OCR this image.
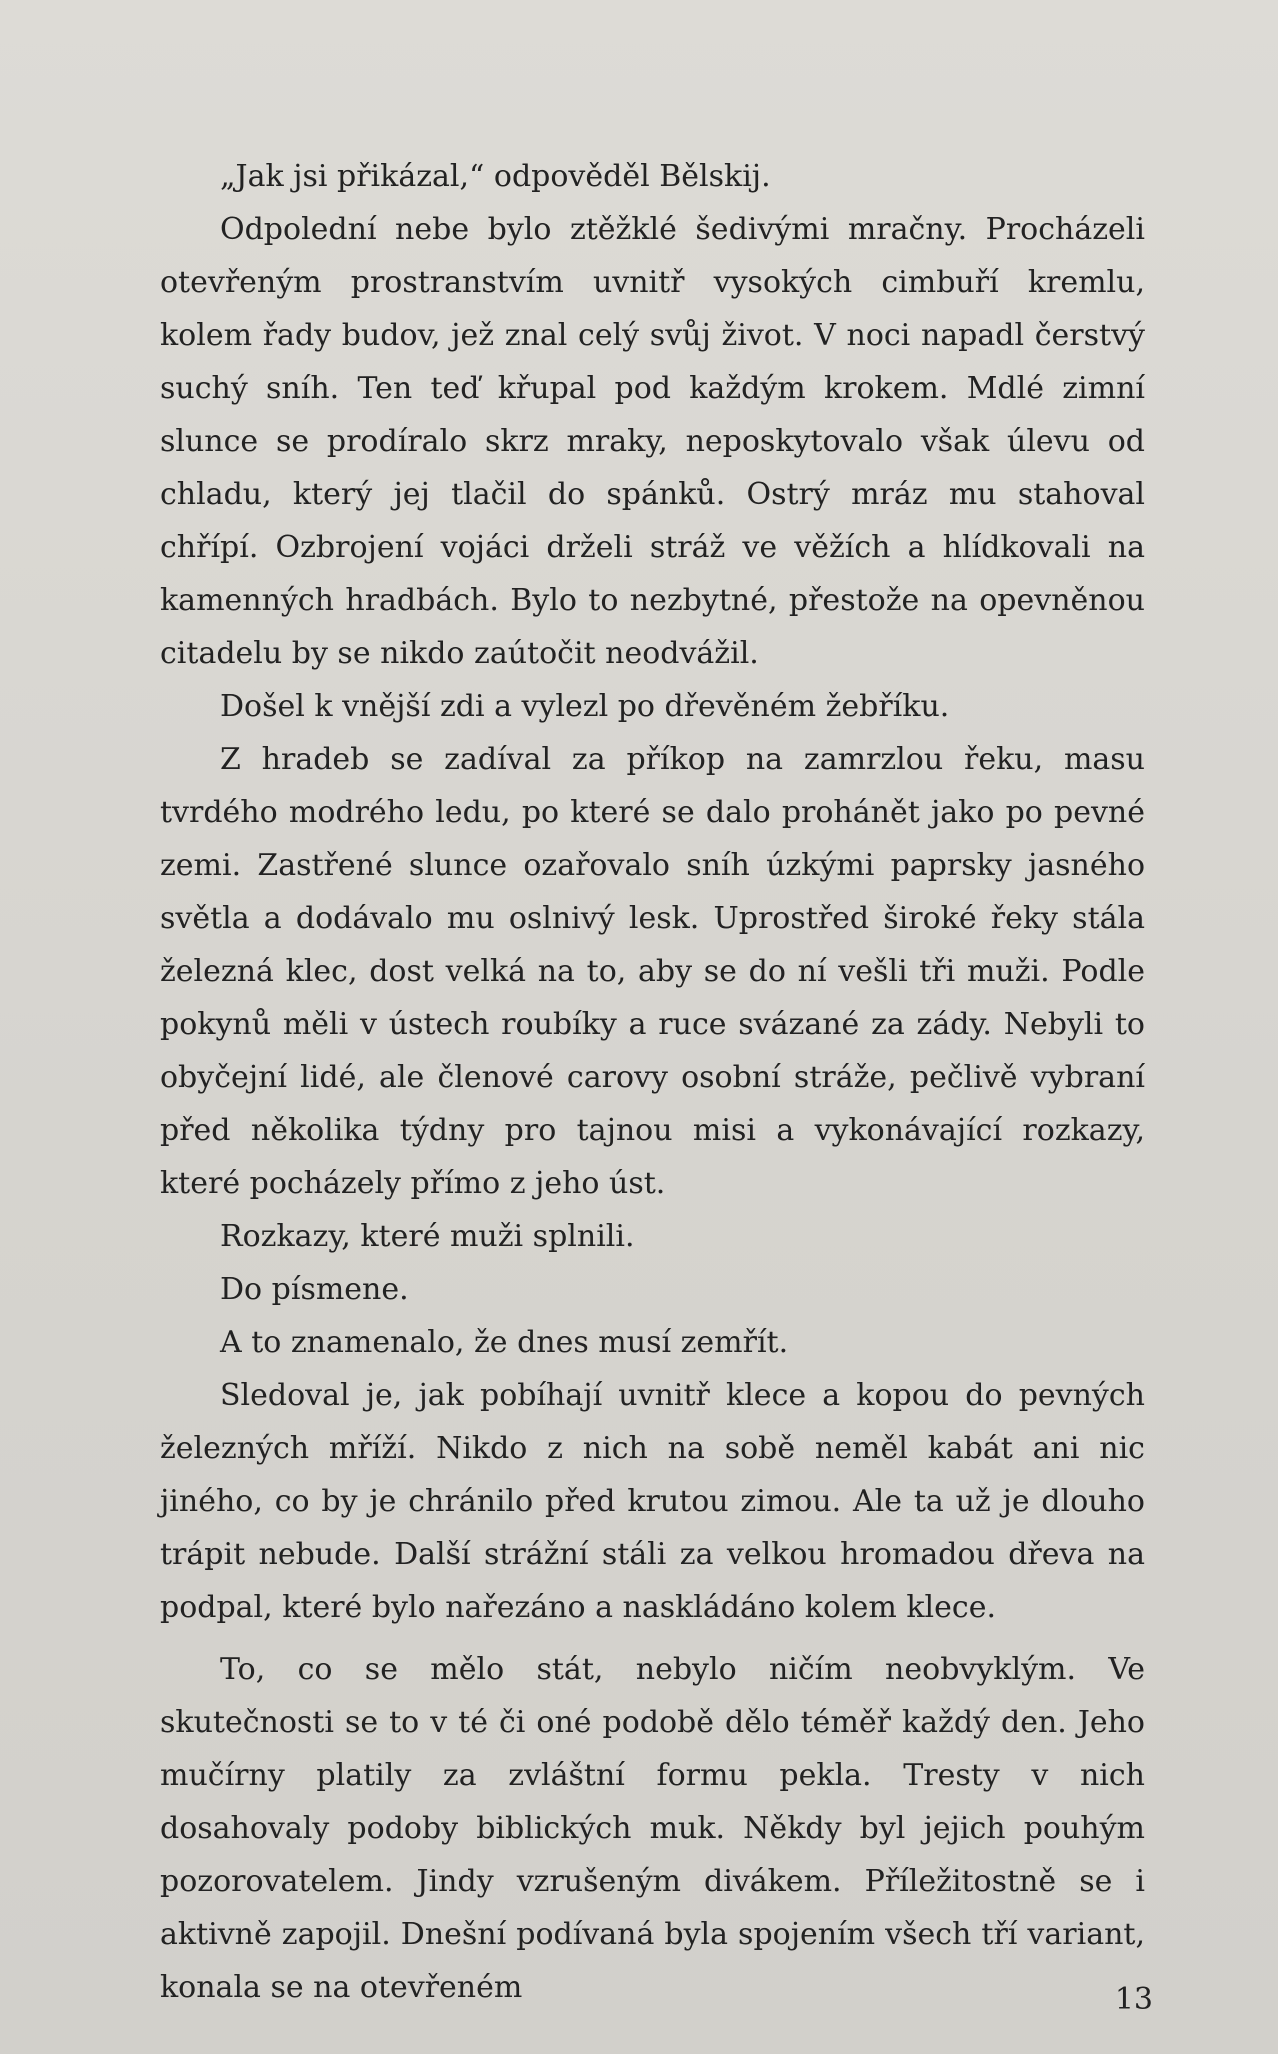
„Jak jsi přikázal,“ odpověděl Bělskij.

Odpolední nebe bylo ztěžklé šedivými mračny. Procházeli otevřeným prostranstvím uvnitř vysokých cimbuří kremlu, kolem řady budov, jež znal celý svůj život. V noci napadl čerstvý suchý sníh. Ten teď křupal pod každým krokem. Mdlé zimní slunce se prodíralo skrz mraky, neposkytovalo však úlevu od chladu, který jej tlačil do spánků. Ostrý mráz mu stahoval chřípí. Ozbrojení vojáci drželi stráž ve věžích a hlídkovali na kamenných hradbách. Bylo to nezbytné, přestože na opevněnou citadelu by se nikdo zaútočit neodvážil.

Došel k vnější zdi a vylezl po dřevěném žebříku.

Z hradeb se zadíval za příkop na zamrzlou řeku, masu tvrdého modrého ledu, po které se dalo prohánět jako po pevné zemi. Zastřené slunce ozařovalo sníh úzkými paprsky jasného světla a dodávalo mu oslnivý lesk. Uprostřed široké řeky stála železná klec, dost velká na to, aby se do ní vešli tři muži. Podle pokynů měli v ústech roubíky a ruce svázané za zády. Nebyli to obyčejní lidé, ale členové carovy osobní stráže, pečlivě vybraní před několika týdny pro tajnou misi a vykonávající rozkazy, které pocházely přímo z jeho úst.

Rozkazy, které muži splnili.

Do písmene.

A to znamenalo, že dnes musí zemřít.

Sledoval je, jak pobíhají uvnitř klece a kopou do pevných železných mříží. Nikdo z nich na sobě neměl kabát ani nic jiného, co by je chránilo před krutou zimou. Ale ta už je dlouho trápit nebude. Další strážní stáli za velkou hromadou dřeva na podpal, které bylo nařezáno a naskládáno kolem klece.

To, co se mělo stát, nebylo ničím neobvyklým. Ve skutečnosti se to v té či oné podobě dělo téměř každý den. Jeho mučírny platily za zvláštní formu pekla. Tresty v nich dosahovaly podoby biblických muk. Někdy byl jejich pouhým pozorovatelem. Jindy vzrušeným divákem. Příležitostně se i aktivně zapojil. Dnešní podívaná byla spojením všech tří variant, konala se na otevřeném	13
